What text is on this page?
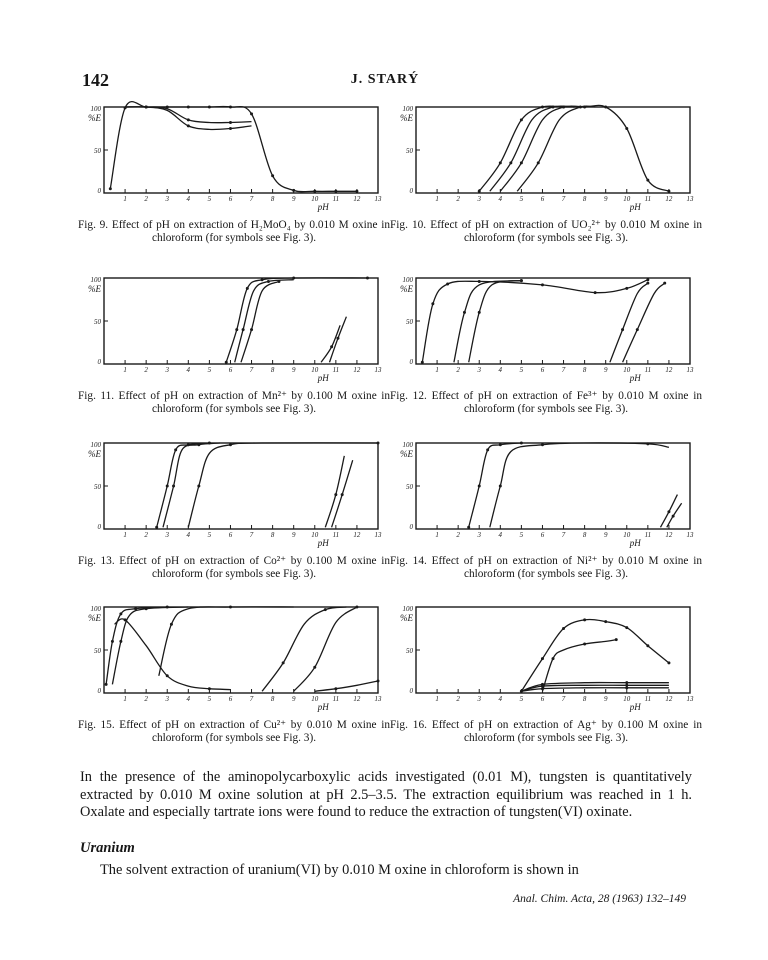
142	J. STARÝ
100
%E
50
0
1	2	3	4	5	6	7	8	9 10 11 12 13
pH
Fig. 9. Effect of pH on extraction of H₂MoO₄ by 0.010 M oxine in chloroform (for symbols see Fig. 3).
100
%E
50
0
1	2	3	4	5	6	7	8	9 10 11 12 13
pH
Fig. 10. Effect of pH on extraction of UO₂²⁺ by 0.010 M oxine in chloroform (for symbols see Fig. 3).
100
%E
50
0
1	2	3	4	5	6	7	8	9 10 11 12 13
pH
Fig. 11. Effect of pH on extraction of Mn²⁺ by 0.100 M oxine in chloroform (for symbols see Fig. 3).
100
%E
50
0
1	2	3	4	5	6	7	8	9 10 11 12 13
pH
Fig. 12. Effect of pH on extraction of Fe³⁺ by 0.010 M oxine in chloroform (for symbols see Fig. 3).
100
%E
50
0
1	2	3	4	5	6	7	8	9 10 11 12 13
pH
Fig. 13. Effect of pH on extraction of Co²⁺ by 0.100 M oxine in chloroform (for symbols see Fig. 3).
100
%E
50
0
1	2	3	4	5	6	7	8	9 10 11 12 13
pH
Fig. 14. Effect of pH on extraction of Ni²⁺ by 0.010 M oxine in chloroform (for symbols see Fig. 3).
100
%E
50
0
1	2	3	4	5	6	7	8	9 10 11 12 13
pH
Fig. 15. Effect of pH on extraction of Cu²⁺ by 0.010 M oxine in chloroform (for symbols see Fig. 3).
100
%E
50
0
1	2	3	4	5	6	7	8	9 10 11 12 13
pH
Fig. 16. Effect of pH on extraction of Ag⁺ by 0.100 M oxine in chloroform (for symbols see Fig. 3).
In the presence of the aminopolycarboxylic acids investigated (0.01 M), tungsten is quantitatively extracted by 0.010 M oxine solution at pH 2.5–3.5. The extraction equilibrium was reached in 1 h. Oxalate and especially tartrate ions were found to reduce the extraction of tungsten(VI) oxinate.
Uranium
The solvent extraction of uranium(VI) by 0.010 M oxine in chloroform is shown in
Anal. Chim. Acta, 28 (1963) 132–149
